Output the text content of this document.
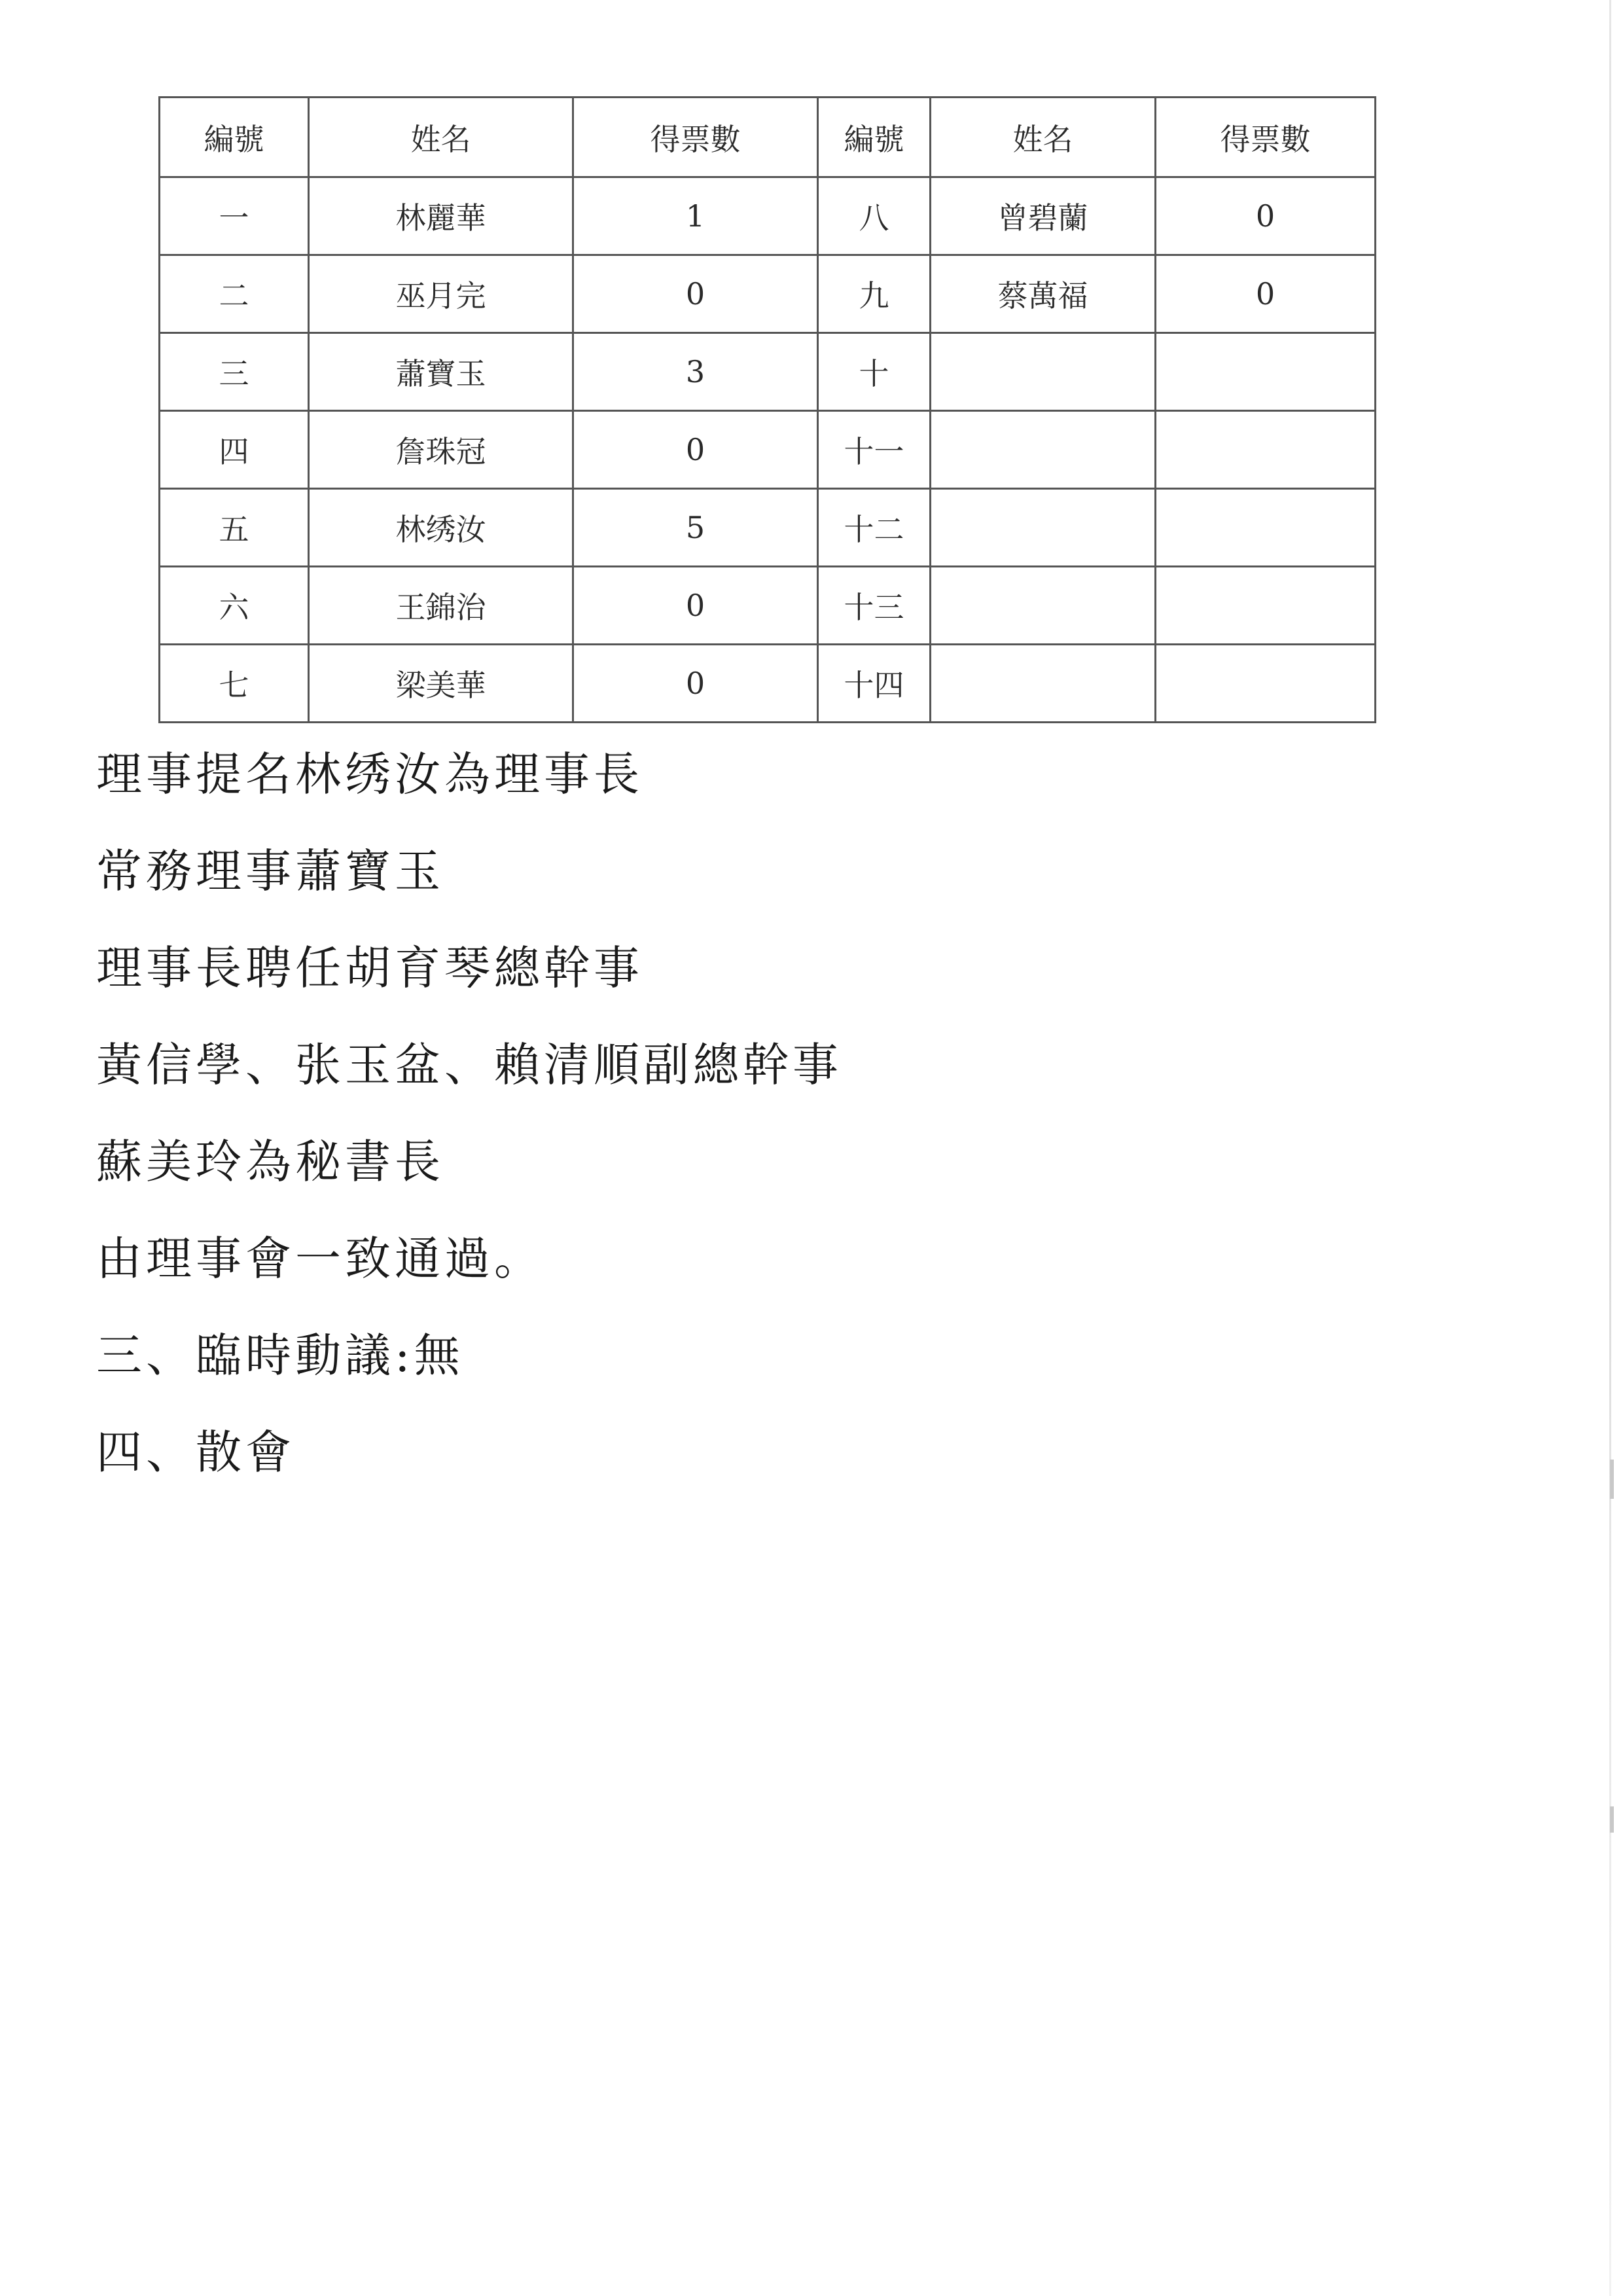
編號	姓名	得票數	編號	姓名	得票數
一	林麗華	1	八	曾碧蘭	0
二	巫月完	0	九	蔡萬福	0
三	蕭寶玉	3	十		
四	詹珠冠	0	十一		
五	林绣汝	5	十二		
六	王錦治	0	十三		
七	梁美華	0	十四		
理事提名林绣汝為理事長
常務理事蕭寶玉
理事長聘任胡育琴總幹事
黃信學、张玉盆、賴清順副總幹事
蘇美玲為秘書長
由理事會一致通過。
三、臨時動議:無
四、散會
